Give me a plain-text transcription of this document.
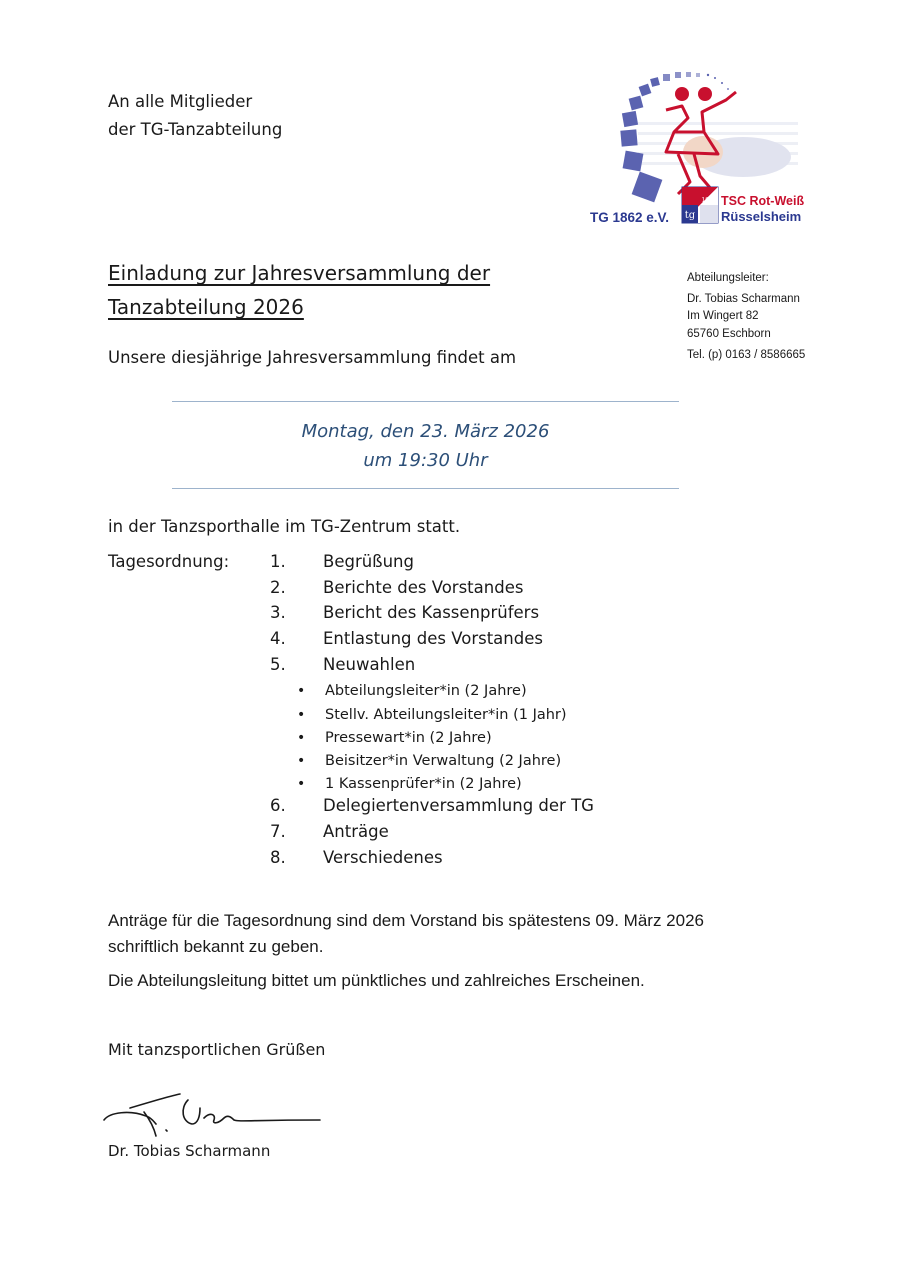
An alle Mitglieder
der TG-Tanzabteilung
tg
1862
TG 1862 e.V.
TSC Rot-Weiß
Rüsselsheim
Einladung zur Jahresversammlung der
Tanzabteilung 2026
Abteilungsleiter:
Dr. Tobias Scharmann
Im Wingert 82
65760 Eschborn
Tel. (p) 0163 / 8586665
Unsere diesjährige Jahresversammlung findet am
Montag, den 23. März 2026
um 19:30 Uhr
in der Tanzsporthalle im TG-Zentrum statt.
Tagesordnung: 1.	Begrüßung
2.	Berichte des Vorstandes
3.	Bericht des Kassenprüfers
4.	Entlastung des Vorstandes
5.	Neuwahlen
•	Abteilungsleiter*in (2 Jahre)
•	Stellv. Abteilungsleiter*in (1 Jahr)
•	Pressewart*in (2 Jahre)
•	Beisitzer*in Verwaltung (2 Jahre)
•	1 Kassenprüfer*in (2 Jahre)
6.	Delegiertenversammlung der TG
7.	Anträge
8.	Verschiedenes
Anträge für die Tagesordnung sind dem Vorstand bis spätestens 09. März 2026
schriftlich bekannt zu geben.
Die Abteilungsleitung bittet um pünktliches und zahlreiches Erscheinen.
Mit tanzsportlichen Grüßen
Dr. Tobias Scharmann
